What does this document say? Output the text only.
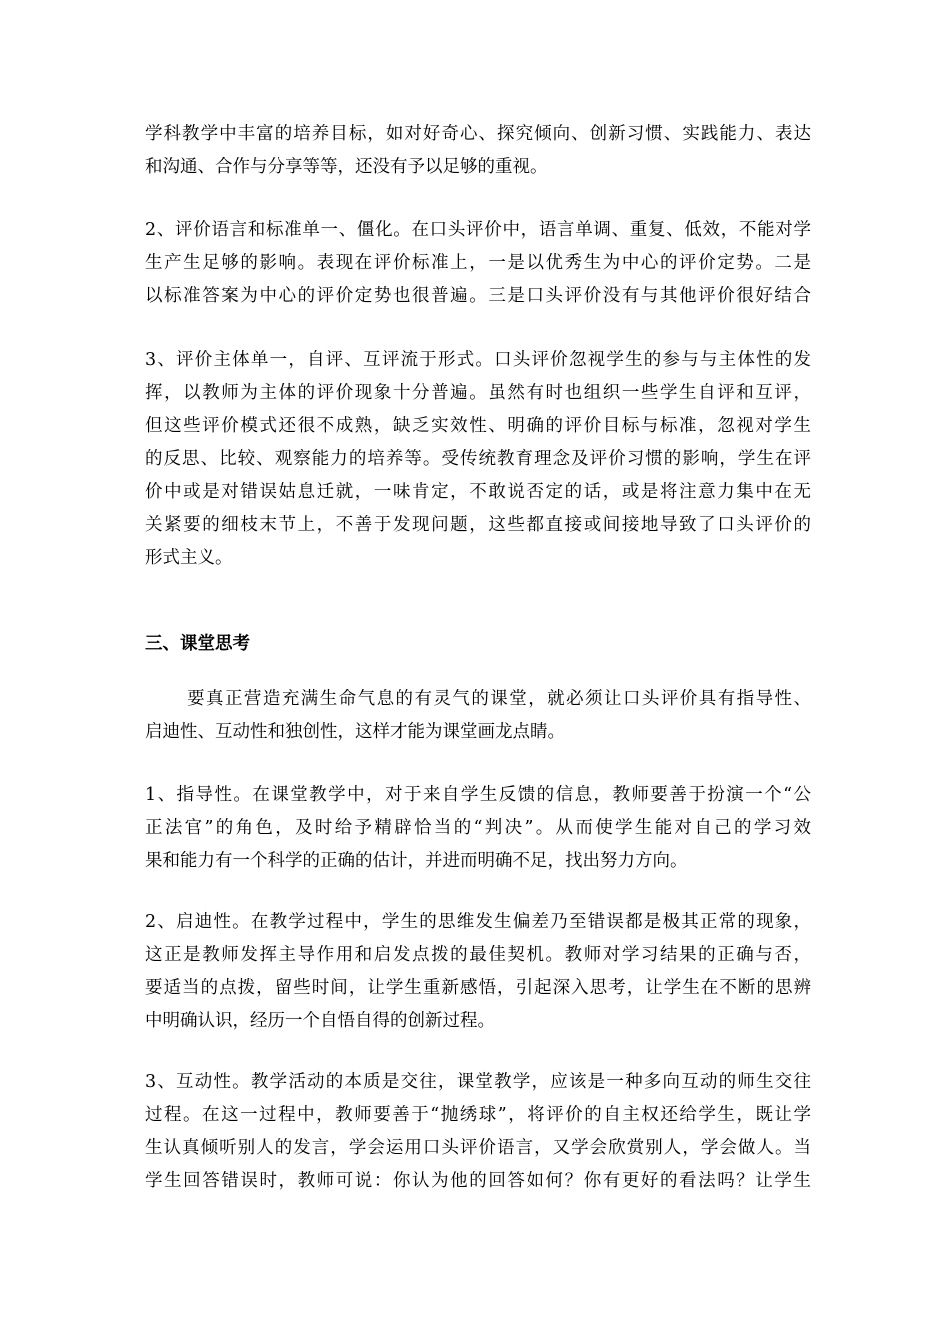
学科教学中丰富的培养目标，如对好奇心、探究倾向、创新习惯、实践能力、表达
和沟通、合作与分享等等，还没有予以足够的重视。
2、评价语言和标准单一、僵化。在口头评价中，语言单调、重复、低效，不能对学
生产生足够的影响。表现在评价标准上，一是以优秀生为中心的评价定势。二是
以标准答案为中心的评价定势也很普遍。三是口头评价没有与其他评价很好结合
3、评价主体单一，自评、互评流于形式。口头评价忽视学生的参与与主体性的发
挥，以教师为主体的评价现象十分普遍。虽然有时也组织一些学生自评和互评，
但这些评价模式还很不成熟，缺乏实效性、明确的评价目标与标准，忽视对学生
的反思、比较、观察能力的培养等。受传统教育理念及评价习惯的影响，学生在评
价中或是对错误姑息迁就，一味肯定，不敢说否定的话，或是将注意力集中在无
关紧要的细枝末节上，不善于发现问题，这些都直接或间接地导致了口头评价的
形式主义。
三、课堂思考
要真正营造充满生命气息的有灵气的课堂，就必须让口头评价具有指导性、
启迪性、互动性和独创性，这样才能为课堂画龙点睛。
1、指导性。在课堂教学中，对于来自学生反馈的信息，教师要善于扮演一个“公
正法官”的角色，及时给予精辟恰当的“判决”。从而使学生能对自己的学习效
果和能力有一个科学的正确的估计，并进而明确不足，找出努力方向。
2、启迪性。在教学过程中，学生的思维发生偏差乃至错误都是极其正常的现象，
这正是教师发挥主导作用和启发点拨的最佳契机。教师对学习结果的正确与否，
要适当的点拨，留些时间，让学生重新感悟，引起深入思考，让学生在不断的思辨
中明确认识，经历一个自悟自得的创新过程。
3、互动性。教学活动的本质是交往，课堂教学，应该是一种多向互动的师生交往
过程。在这一过程中，教师要善于“抛绣球”，将评价的自主权还给学生，既让学
生认真倾听别人的发言，学会运用口头评价语言，又学会欣赏别人，学会做人。当
学生回答错误时，教师可说：你认为他的回答如何？你有更好的看法吗？让学生
